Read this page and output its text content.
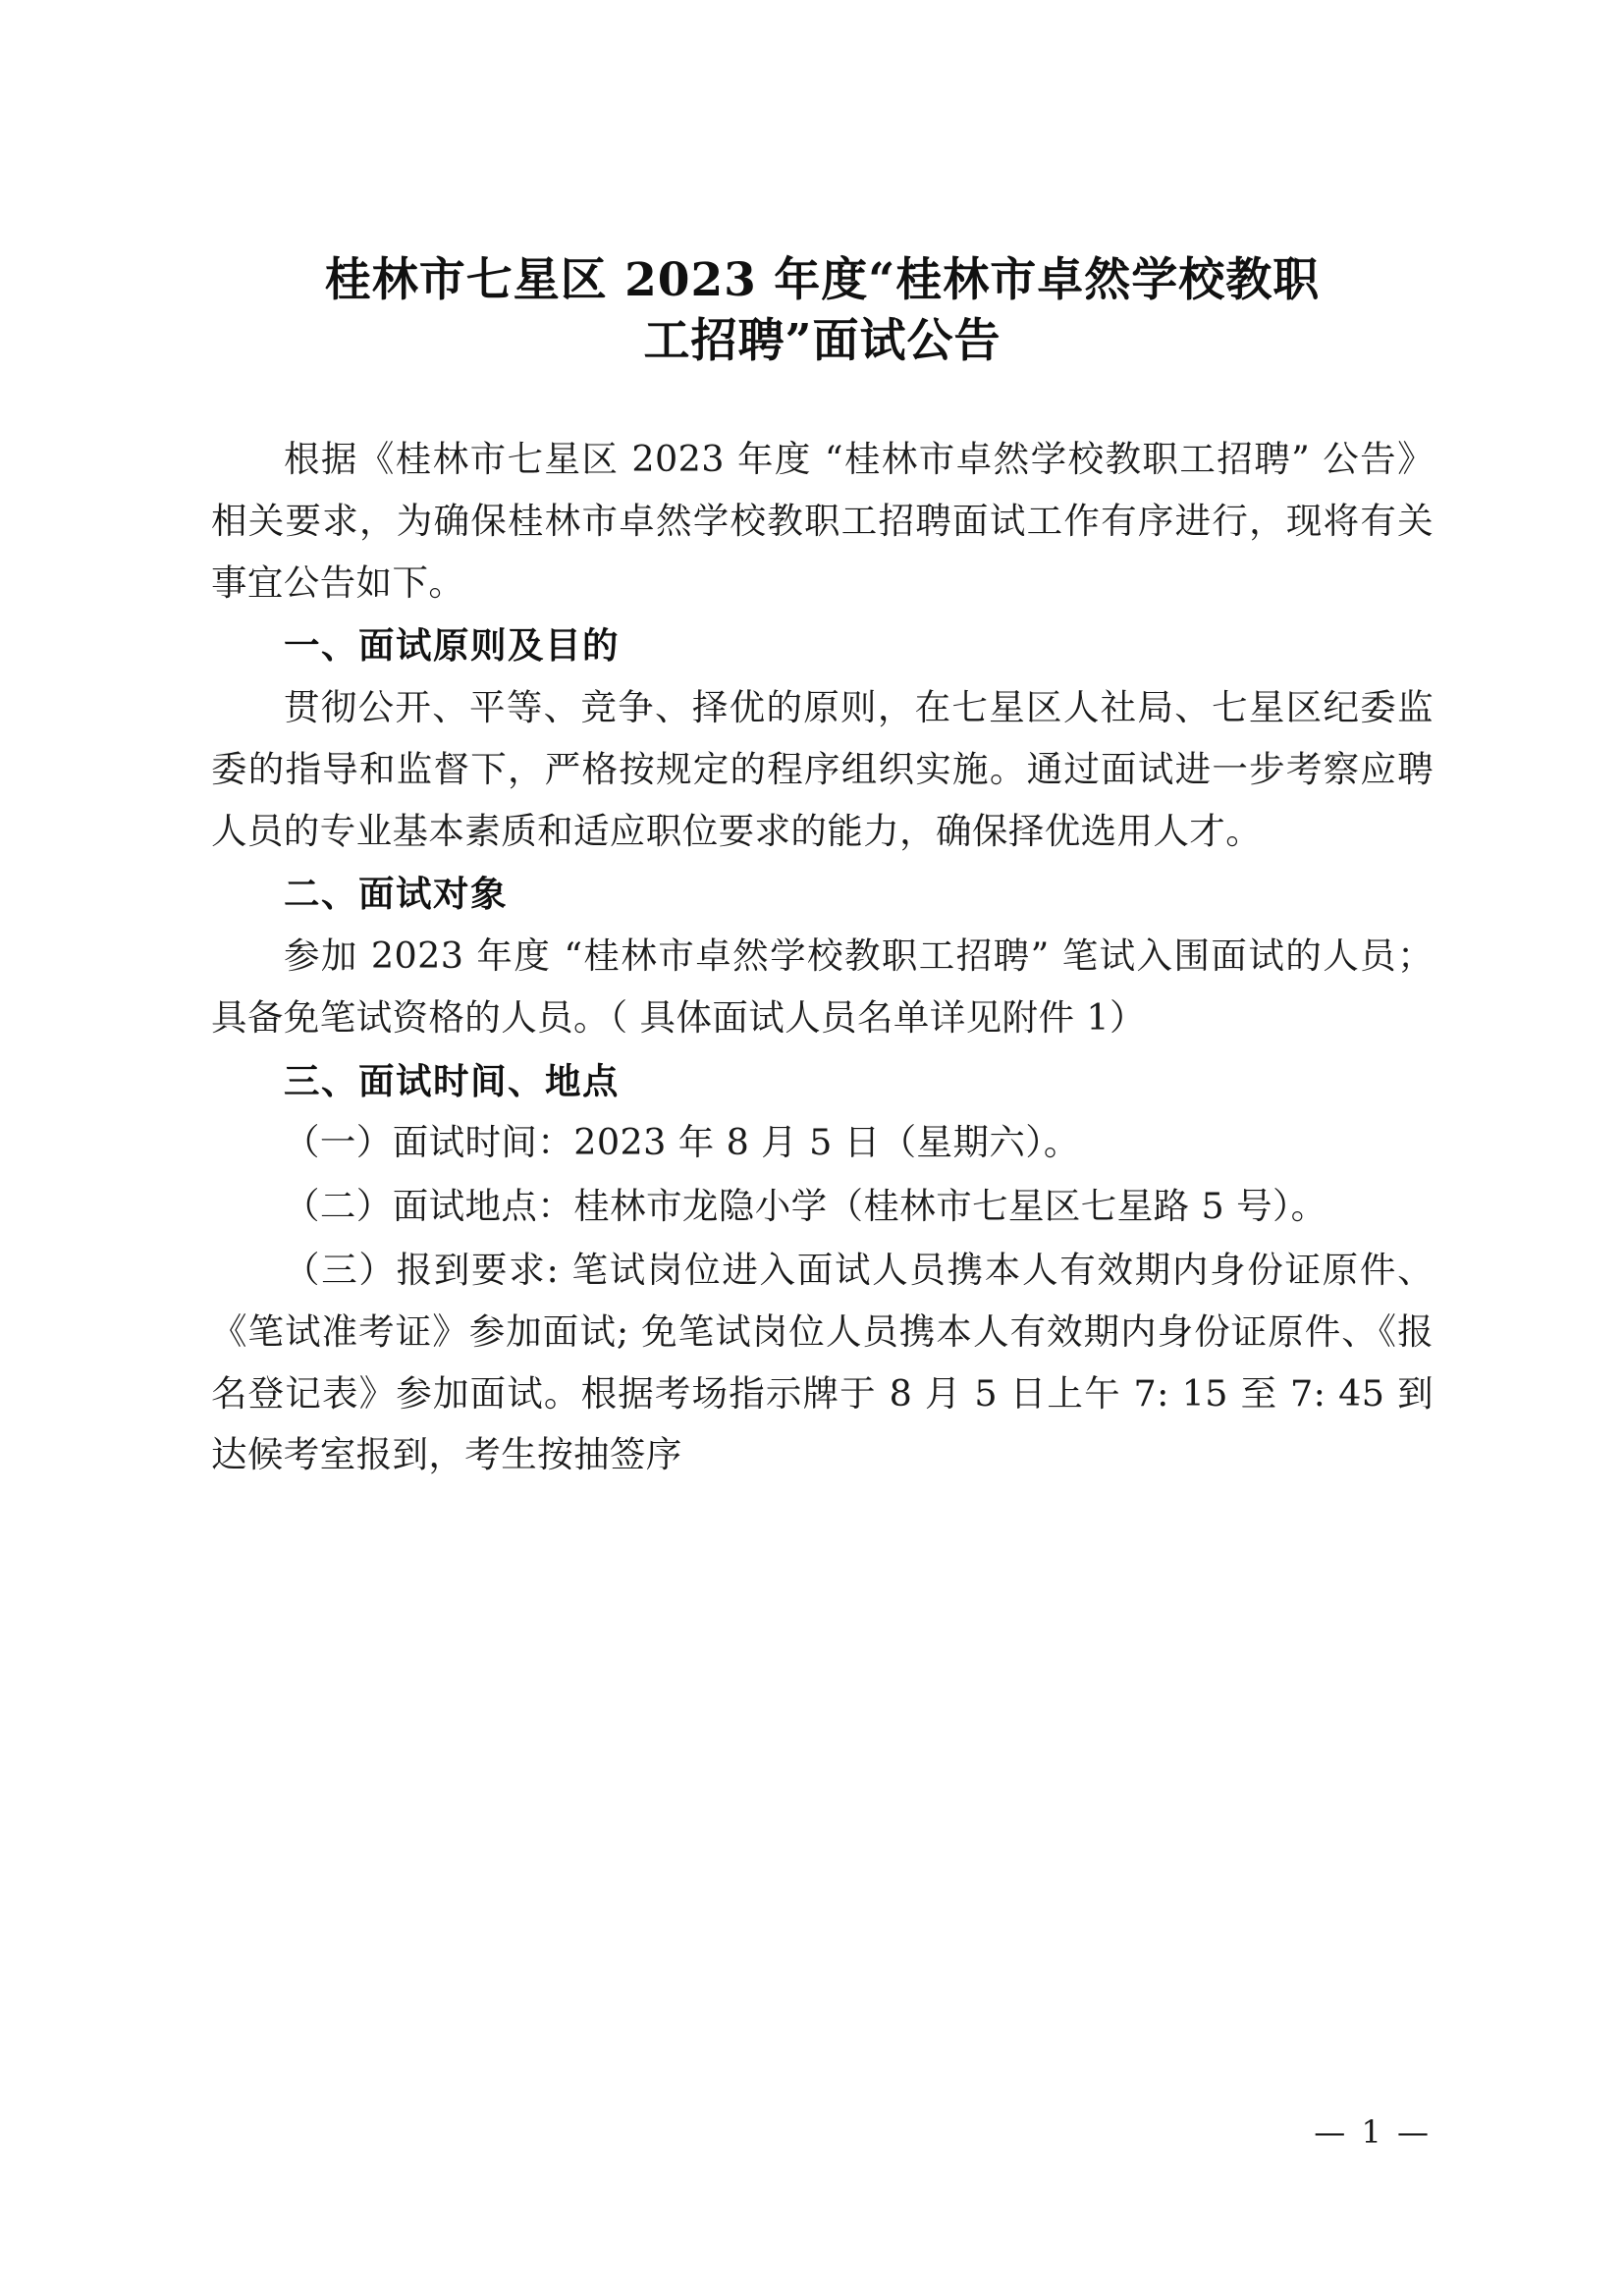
桂林市七星区 2023 年度“桂林市卓然学校教职
工招聘”面试公告

根据《桂林市七星区 2023 年度 “桂林市卓然学校教职工招聘” 公告》相关要求，为确保桂林市卓然学校教职工招聘面试工作有序进行，现将有关事宜公告如下。

一、面试原则及目的

贯彻公开、平等、竞争、择优的原则，在七星区人社局、七星区纪委监委的指导和监督下，严格按规定的程序组织实施。通过面试进一步考察应聘人员的专业基本素质和适应职位要求的能力，确保择优选用人才。

二、面试对象

参加 2023 年度 “桂林市卓然学校教职工招聘” 笔试入围面试的人员；具备免笔试资格的人员。（ 具体面试人员名单详见附件 1）

三、面试时间、地点

（一）面试时间：2023 年 8 月 5 日（星期六）。

（二）面试地点：桂林市龙隐小学（桂林市七星区七星路 5 号）。

（三）报到要求: 笔试岗位进入面试人员携本人有效期内身份证原件、《笔试准考证》参加面试; 免笔试岗位人员携本人有效期内身份证原件、《报名登记表》参加面试。根据考场指示牌于 8 月 5 日上午 7: 15 至 7: 45 到达候考室报到，考生按抽签序

— 1 —
